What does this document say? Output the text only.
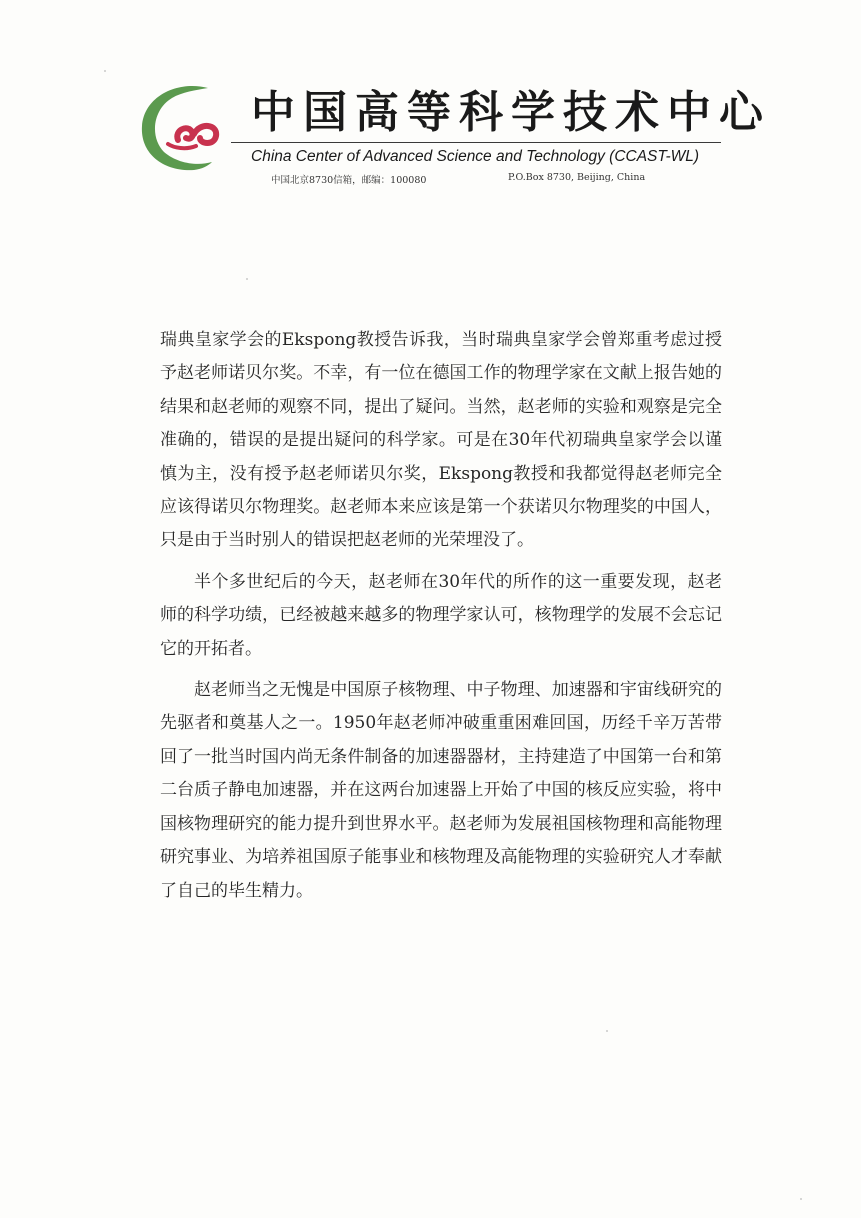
中国高等科学技术中心
China Center of Advanced Science and Technology (CCAST-WL)
中国北京8730信箱，邮编：100080	P.O.Box 8730, Beijing, China

瑞典皇家学会的Ekspong教授告诉我，当时瑞典皇家学会曾郑重考虑过授予赵老师诺贝尔奖。不幸，有一位在德国工作的物理学家在文献上报告她的结果和赵老师的观察不同，提出了疑问。当然，赵老师的实验和观察是完全准确的，错误的是提出疑问的科学家。可是在30年代初瑞典皇家学会以谨慎为主，没有授予赵老师诺贝尔奖，Ekspong教授和我都觉得赵老师完全应该得诺贝尔物理奖。赵老师本来应该是第一个获诺贝尔物理奖的中国人，只是由于当时别人的错误把赵老师的光荣埋没了。

半个多世纪后的今天，赵老师在30年代的所作的这一重要发现，赵老师的科学功绩，已经被越来越多的物理学家认可，核物理学的发展不会忘记它的开拓者。

赵老师当之无愧是中国原子核物理、中子物理、加速器和宇宙线研究的先驱者和奠基人之一。1950年赵老师冲破重重困难回国，历经千辛万苦带回了一批当时国内尚无条件制备的加速器器材，主持建造了中国第一台和第二台质子静电加速器，并在这两台加速器上开始了中国的核反应实验，将中国核物理研究的能力提升到世界水平。赵老师为发展祖国核物理和高能物理研究事业、为培养祖国原子能事业和核物理及高能物理的实验研究人才奉献了自己的毕生精力。
